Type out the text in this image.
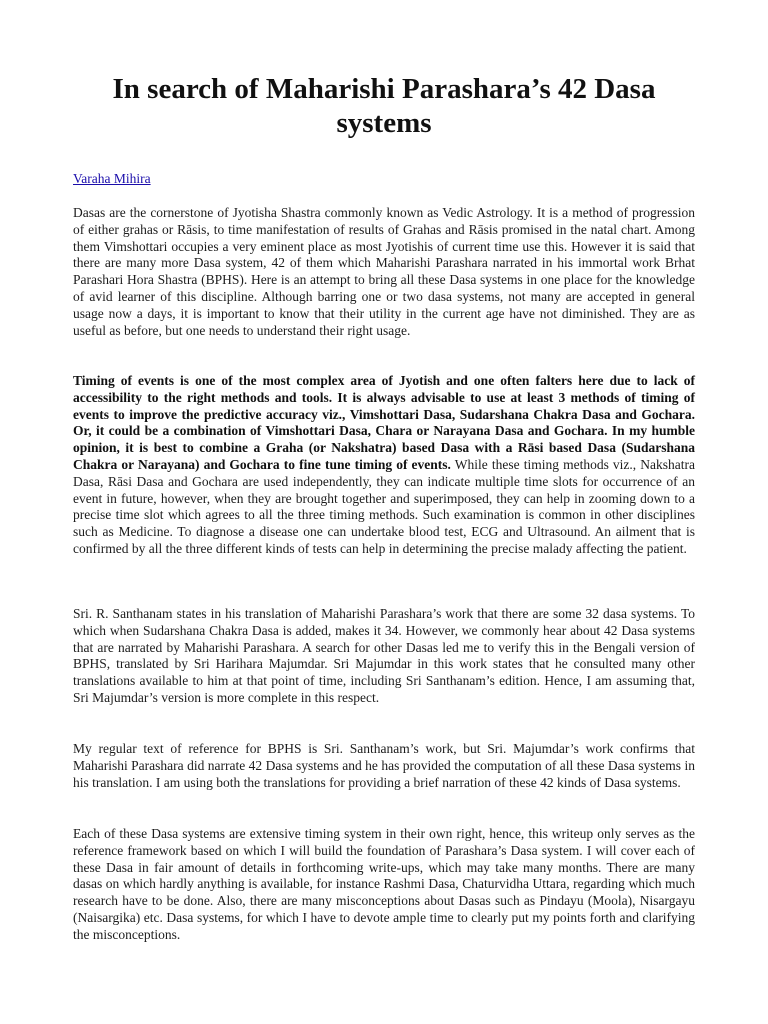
In search of Maharishi Parashara’s 42 Dasa systems
Varaha Mihira

Dasas are the cornerstone of Jyotisha Shastra commonly known as Vedic Astrology. It is a method of progression of either grahas or Rāsis, to time manifestation of results of Grahas and Rāsis promised in the natal chart. Among them Vimshottari occupies a very eminent place as most Jyotishis of current time use this. However it is said that there are many more Dasa system, 42 of them which Maharishi Parashara narrated in his immortal work Brhat Parashari Hora Shastra (BPHS). Here is an attempt to bring all these Dasa systems in one place for the knowledge of avid learner of this discipline. Although barring one or two dasa systems, not many are accepted in general usage now a days, it is important to know that their utility in the current age have not diminished. They are as useful as before, but one needs to understand their right usage.

Timing of events is one of the most complex area of Jyotish and one often falters here due to lack of accessibility to the right methods and tools. It is always advisable to use at least 3 methods of timing of events to improve the predictive accuracy viz., Vimshottari Dasa, Sudarshana Chakra Dasa and Gochara. Or, it could be a combination of Vimshottari Dasa, Chara or Narayana Dasa and Gochara. In my humble opinion, it is best to combine a Graha (or Nakshatra) based Dasa with a Rāsi based Dasa (Sudarshana Chakra or Narayana) and Gochara to fine tune timing of events. While these timing methods viz., Nakshatra Dasa, Rāsi Dasa and Gochara are used independently, they can indicate multiple time slots for occurrence of an event in future, however, when they are brought together and superimposed, they can help in zooming down to a precise time slot which agrees to all the three timing methods. Such examination is common in other disciplines such as Medicine. To diagnose a disease one can undertake blood test, ECG and Ultrasound. An ailment that is confirmed by all the three different kinds of tests can help in determining the precise malady affecting the patient.

Sri. R. Santhanam states in his translation of Maharishi Parashara’s work that there are some 32 dasa systems. To which when Sudarshana Chakra Dasa is added, makes it 34. However, we commonly hear about 42 Dasa systems that are narrated by Maharishi Parashara. A search for other Dasas led me to verify this in the Bengali version of BPHS, translated by Sri Harihara Majumdar. Sri Majumdar in this work states that he consulted many other translations available to him at that point of time, including Sri Santhanam’s edition. Hence, I am assuming that, Sri Majumdar’s version is more complete in this respect.

My regular text of reference for BPHS is Sri. Santhanam’s work, but Sri. Majumdar’s work confirms that Maharishi Parashara did narrate 42 Dasa systems and he has provided the computation of all these Dasa systems in his translation. I am using both the translations for providing a brief narration of these 42 kinds of Dasa systems.

Each of these Dasa systems are extensive timing system in their own right, hence, this writeup only serves as the reference framework based on which I will build the foundation of Parashara’s Dasa system. I will cover each of these Dasa in fair amount of details in forthcoming write-ups, which may take many months. There are many dasas on which hardly anything is available, for instance Rashmi Dasa, Chaturvidha Uttara, regarding which much research have to be done. Also, there are many misconceptions about Dasas such as Pindayu (Moola), Nisargayu (Naisargika) etc. Dasa systems, for which I have to devote ample time to clearly put my points forth and clarifying the misconceptions.
